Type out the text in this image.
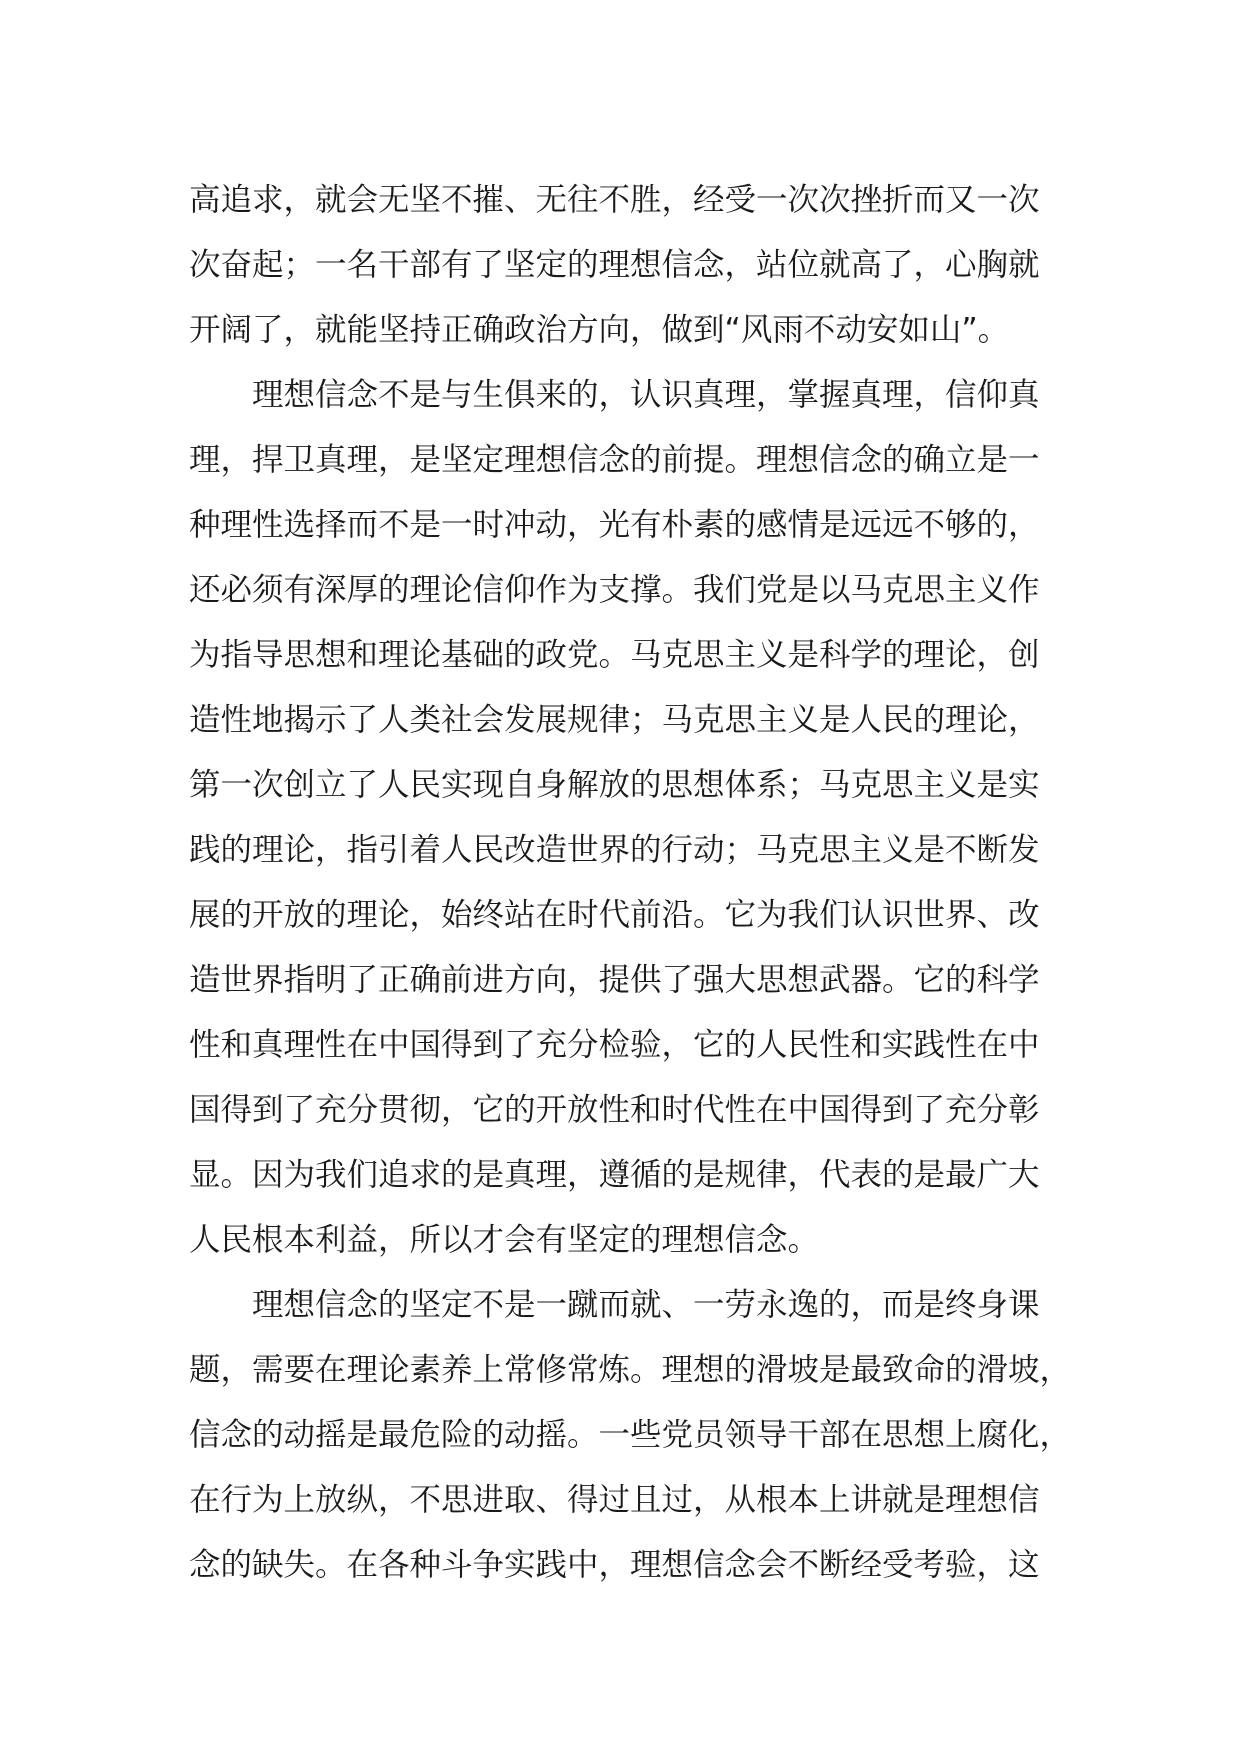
高追求，就会无坚不摧、无往不胜，经受一次次挫折而又一次
次奋起；一名干部有了坚定的理想信念，站位就高了，心胸就
开阔了，就能坚持正确政治方向，做到“风雨不动安如山”。
　　理想信念不是与生俱来的，认识真理，掌握真理，信仰真
理，捍卫真理，是坚定理想信念的前提。理想信念的确立是一
种理性选择而不是一时冲动，光有朴素的感情是远远不够的，
还必须有深厚的理论信仰作为支撑。我们党是以马克思主义作
为指导思想和理论基础的政党。马克思主义是科学的理论，创
造性地揭示了人类社会发展规律；马克思主义是人民的理论，
第一次创立了人民实现自身解放的思想体系；马克思主义是实
践的理论，指引着人民改造世界的行动；马克思主义是不断发
展的开放的理论，始终站在时代前沿。它为我们认识世界、改
造世界指明了正确前进方向，提供了强大思想武器。它的科学
性和真理性在中国得到了充分检验，它的人民性和实践性在中
国得到了充分贯彻，它的开放性和时代性在中国得到了充分彰
显。因为我们追求的是真理，遵循的是规律，代表的是最广大
人民根本利益，所以才会有坚定的理想信念。
　　理想信念的坚定不是一蹴而就、一劳永逸的，而是终身课
题，需要在理论素养上常修常炼。理想的滑坡是最致命的滑坡，
信念的动摇是最危险的动摇。一些党员领导干部在思想上腐化，
在行为上放纵，不思进取、得过且过，从根本上讲就是理想信
念的缺失。在各种斗争实践中，理想信念会不断经受考验，这
